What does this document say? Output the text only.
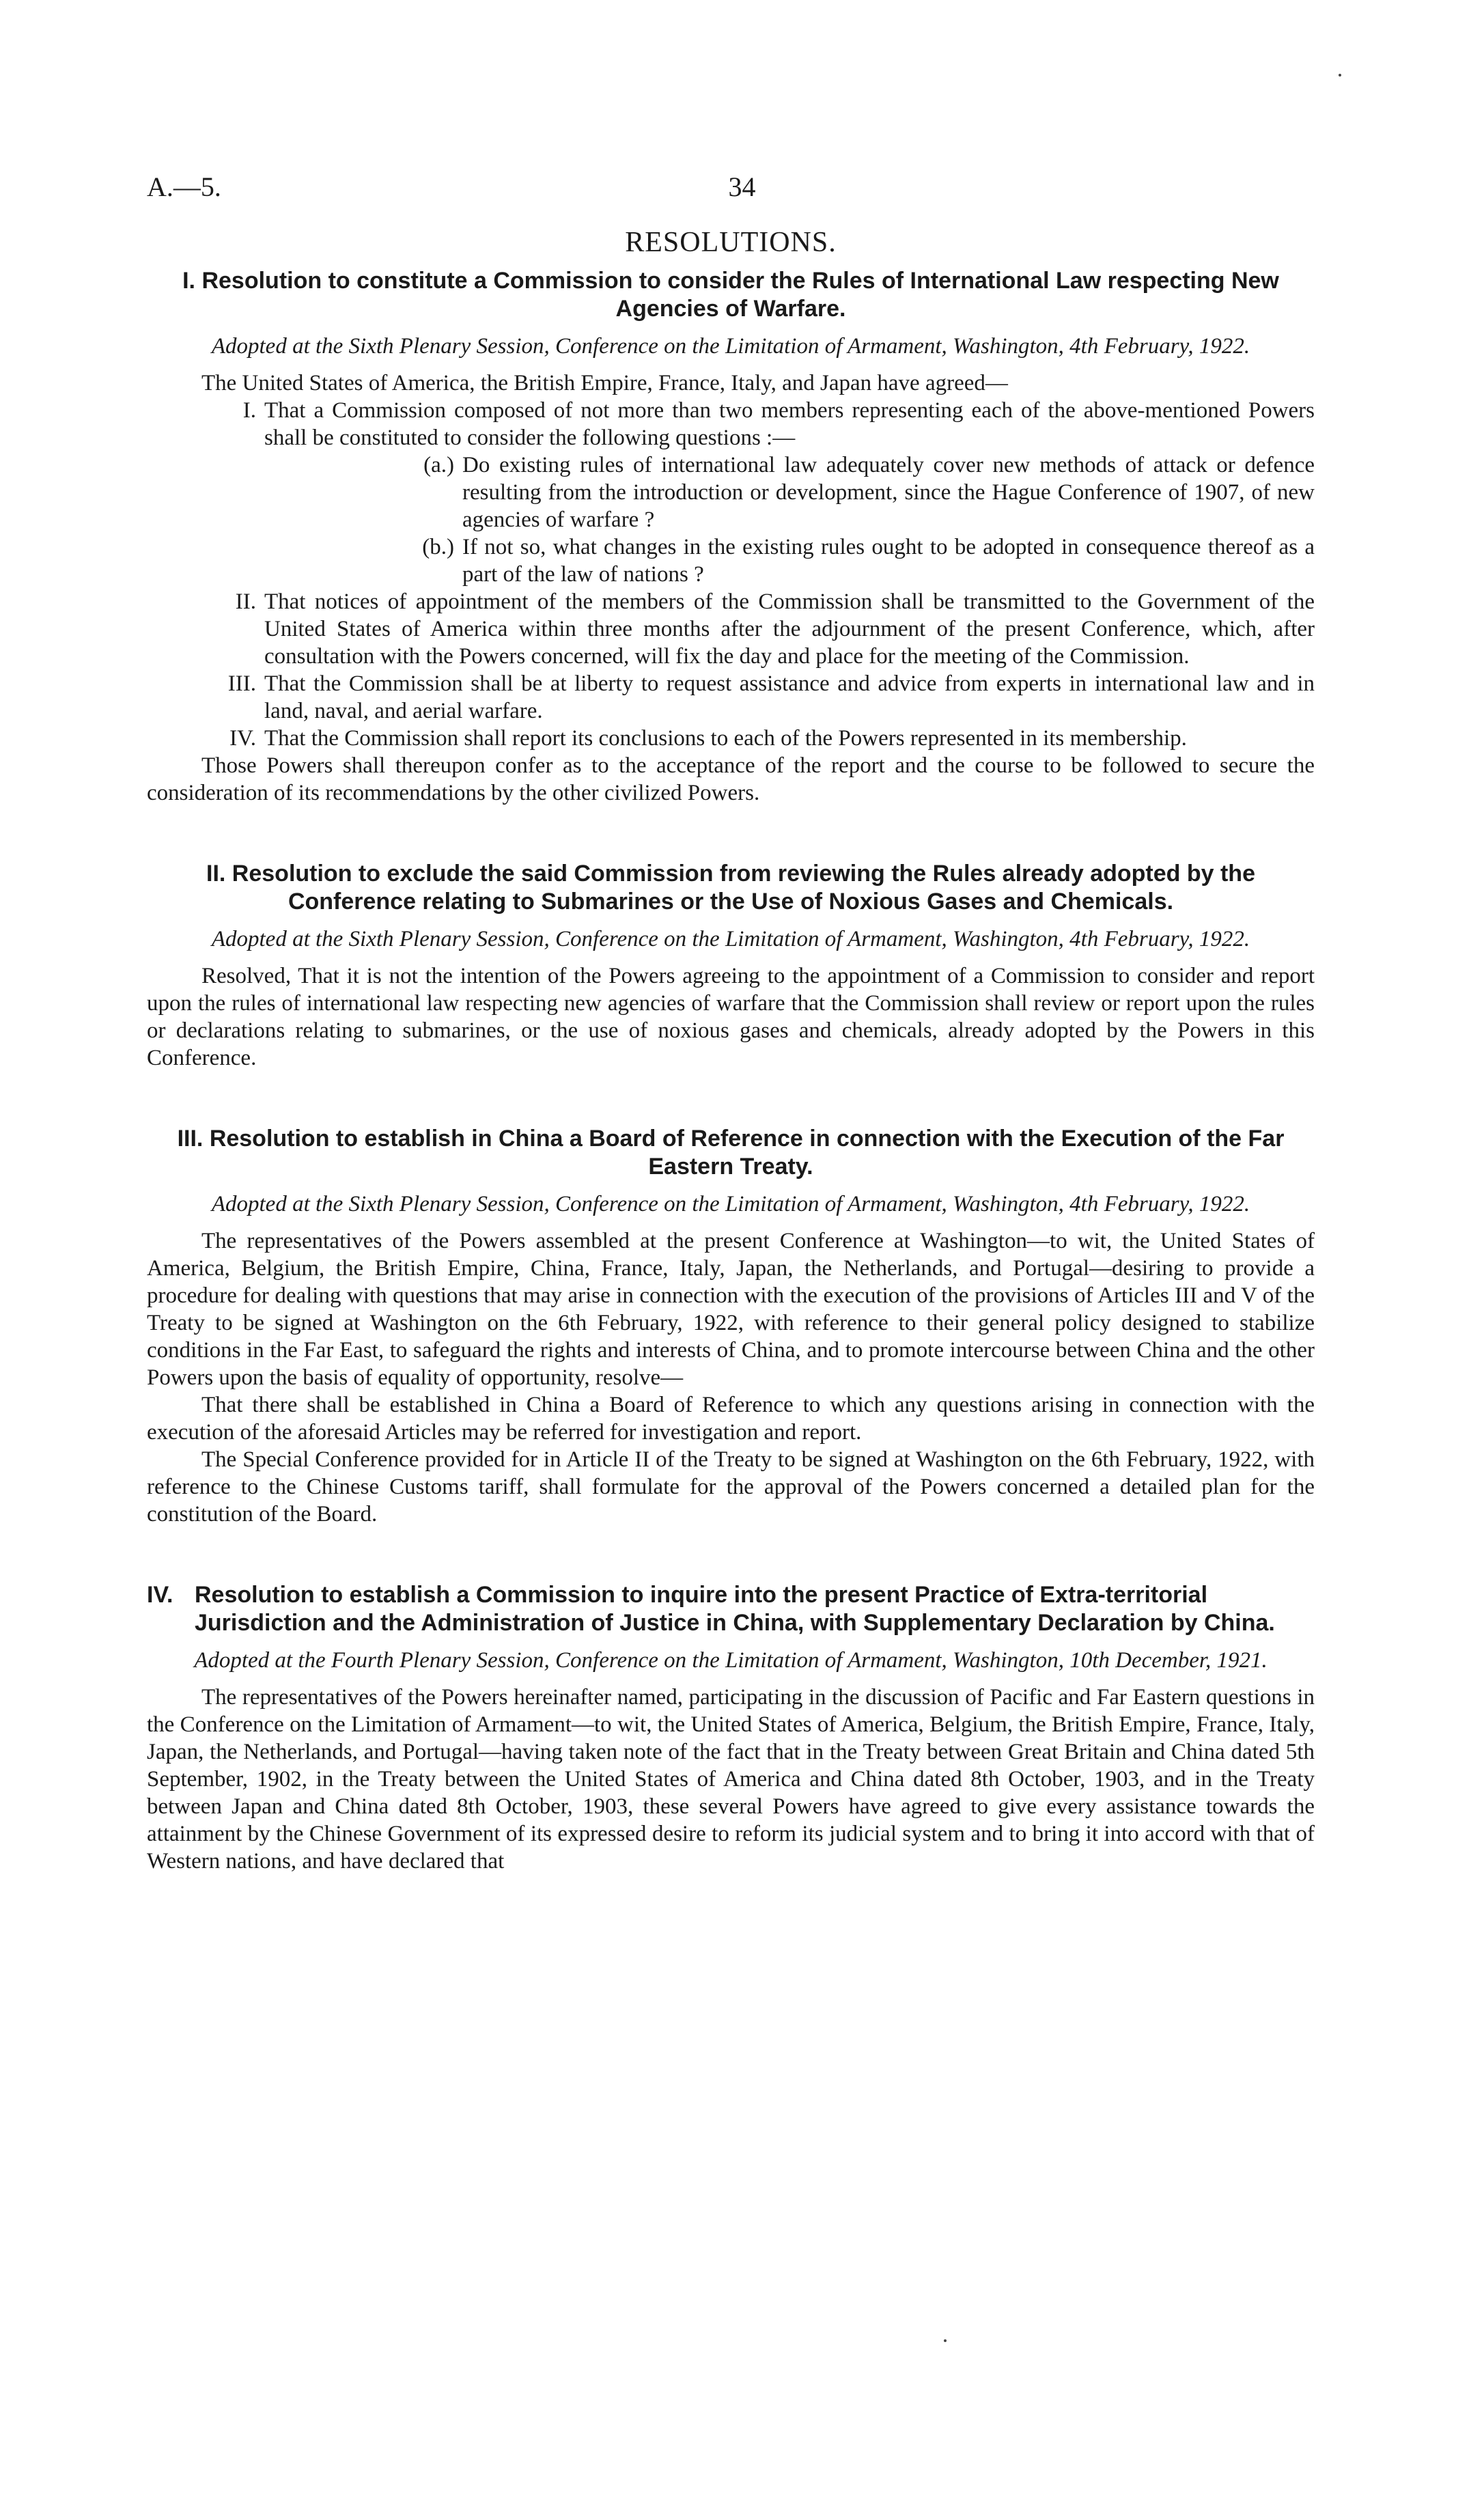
A.—5.	34
RESOLUTIONS.
I. Resolution to constitute a Commission to consider the Rules of International Law respecting New Agencies of Warfare.
Adopted at the Sixth Plenary Session, Conference on the Limitation of Armament, Washington, 4th February, 1922.

The United States of America, the British Empire, France, Italy, and Japan have agreed—

I. That a Commission composed of not more than two members representing each of the above-mentioned Powers shall be constituted to consider the following questions :—
(a.) Do existing rules of international law adequately cover new methods of attack or defence resulting from the introduction or development, since the Hague Conference of 1907, of new agencies of warfare ?
(b.) If not so, what changes in the existing rules ought to be adopted in consequence thereof as a part of the law of nations ?
II. That notices of appointment of the members of the Commission shall be transmitted to the Government of the United States of America within three months after the adjournment of the present Conference, which, after consultation with the Powers concerned, will fix the day and place for the meeting of the Commission.
III. That the Commission shall be at liberty to request assistance and advice from experts in international law and in land, naval, and aerial warfare.
IV. That the Commission shall report its conclusions to each of the Powers represented in its membership.

Those Powers shall thereupon confer as to the acceptance of the report and the course to be followed to secure the consideration of its recommendations by the other civilized Powers.

II. Resolution to exclude the said Commission from reviewing the Rules already adopted by the Conference relating to Submarines or the Use of Noxious Gases and Chemicals.
Adopted at the Sixth Plenary Session, Conference on the Limitation of Armament, Washington, 4th February, 1922.

Resolved, That it is not the intention of the Powers agreeing to the appointment of a Commission to consider and report upon the rules of international law respecting new agencies of warfare that the Commission shall review or report upon the rules or declarations relating to submarines, or the use of noxious gases and chemicals, already adopted by the Powers in this Conference.

III. Resolution to establish in China a Board of Reference in connection with the Execution of the Far Eastern Treaty.
Adopted at the Sixth Plenary Session, Conference on the Limitation of Armament, Washington, 4th February, 1922.

The representatives of the Powers assembled at the present Conference at Washington—to wit, the United States of America, Belgium, the British Empire, China, France, Italy, Japan, the Netherlands, and Portugal—desiring to provide a procedure for dealing with questions that may arise in connection with the execution of the provisions of Articles III and V of the Treaty to be signed at Washington on the 6th February, 1922, with reference to their general policy designed to stabilize conditions in the Far East, to safeguard the rights and interests of China, and to promote intercourse between China and the other Powers upon the basis of equality of opportunity, resolve—

That there shall be established in China a Board of Reference to which any questions arising in connection with the execution of the aforesaid Articles may be referred for investigation and report.

The Special Conference provided for in Article II of the Treaty to be signed at Washington on the 6th February, 1922, with reference to the Chinese Customs tariff, shall formulate for the approval of the Powers concerned a detailed plan for the constitution of the Board.

IV. Resolution to establish a Commission to inquire into the present Practice of Extra-territorial Jurisdiction and the Administration of Justice in China, with Supplementary Declaration by China.
Adopted at the Fourth Plenary Session, Conference on the Limitation of Armament, Washington, 10th December, 1921.

The representatives of the Powers hereinafter named, participating in the discussion of Pacific and Far Eastern questions in the Conference on the Limitation of Armament—to wit, the United States of America, Belgium, the British Empire, France, Italy, Japan, the Netherlands, and Portugal—having taken note of the fact that in the Treaty between Great Britain and China dated 5th September, 1902, in the Treaty between the United States of America and China dated 8th October, 1903, and in the Treaty between Japan and China dated 8th October, 1903, these several Powers have agreed to give every assistance towards the attainment by the Chinese Government of its expressed desire to reform its judicial system and to bring it into accord with that of Western nations, and have declared that
